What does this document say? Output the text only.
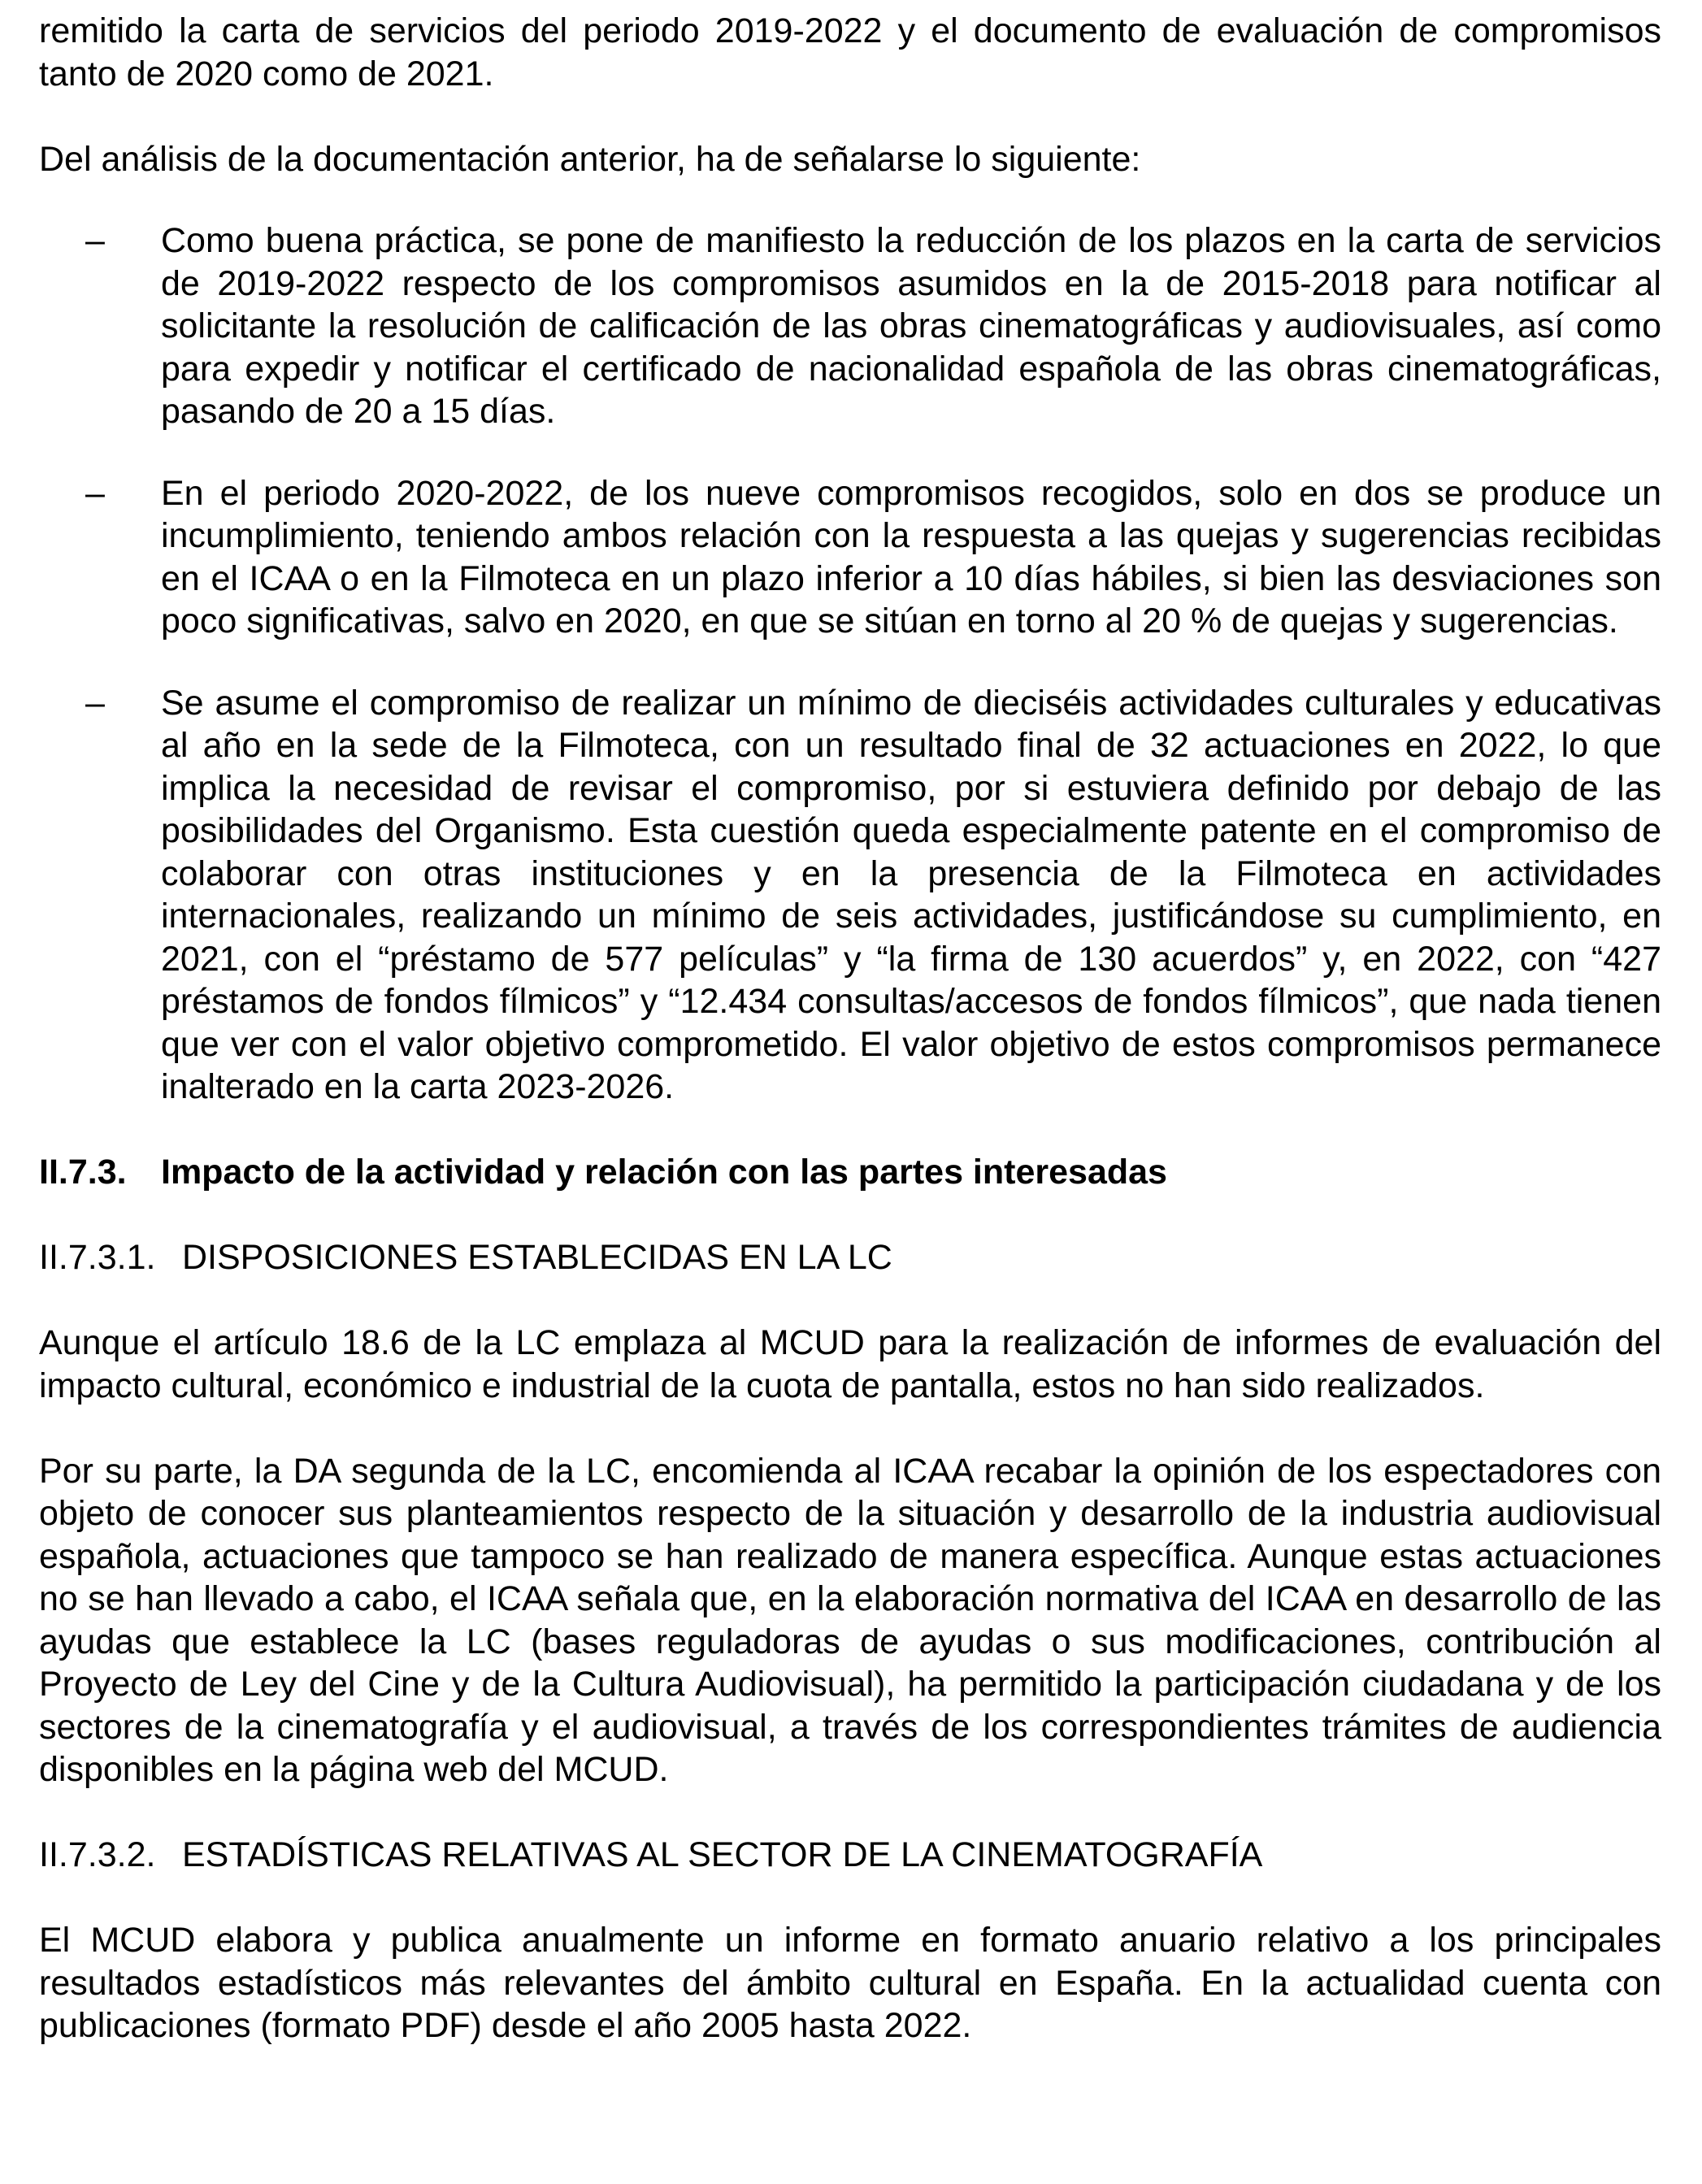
remitido la carta de servicios del periodo 2019-2022 y el documento de evaluación de compromisos tanto de 2020 como de 2021.

Del análisis de la documentación anterior, ha de señalarse lo siguiente:

–	Como buena práctica, se pone de manifiesto la reducción de los plazos en la carta de servicios de 2019-2022 respecto de los compromisos asumidos en la de 2015-2018 para notificar al solicitante la resolución de calificación de las obras cinematográficas y audiovisuales, así como para expedir y notificar el certificado de nacionalidad española de las obras cinematográficas, pasando de 20 a 15 días.
–	En el periodo 2020-2022, de los nueve compromisos recogidos, solo en dos se produce un incumplimiento, teniendo ambos relación con la respuesta a las quejas y sugerencias recibidas en el ICAA o en la Filmoteca en un plazo inferior a 10 días hábiles, si bien las desviaciones son poco significativas, salvo en 2020, en que se sitúan en torno al 20 % de quejas y sugerencias.
–	Se asume el compromiso de realizar un mínimo de dieciséis actividades culturales y educativas al año en la sede de la Filmoteca, con un resultado final de 32 actuaciones en 2022, lo que implica la necesidad de revisar el compromiso, por si estuviera definido por debajo de las posibilidades del Organismo. Esta cuestión queda especialmente patente en el compromiso de colaborar con otras instituciones y en la presencia de la Filmoteca en actividades internacionales, realizando un mínimo de seis actividades, justificándose su cumplimiento, en 2021, con el “préstamo de 577 películas” y “la firma de 130 acuerdos” y, en 2022, con “427 préstamos de fondos fílmicos” y “12.434 consultas/accesos de fondos fílmicos”, que nada tienen que ver con el valor objetivo comprometido. El valor objetivo de estos compromisos permanece inalterado en la carta 2023-2026.
II.7.3. Impacto de la actividad y relación con las partes interesadas
II.7.3.1. DISPOSICIONES ESTABLECIDAS EN LA LC

Aunque el artículo 18.6 de la LC emplaza al MCUD para la realización de informes de evaluación del impacto cultural, económico e industrial de la cuota de pantalla, estos no han sido realizados.

Por su parte, la DA segunda de la LC, encomienda al ICAA recabar la opinión de los espectadores con objeto de conocer sus planteamientos respecto de la situación y desarrollo de la industria audiovisual española, actuaciones que tampoco se han realizado de manera específica. Aunque estas actuaciones no se han llevado a cabo, el ICAA señala que, en la elaboración normativa del ICAA en desarrollo de las ayudas que establece la LC (bases reguladoras de ayudas o sus modificaciones, contribución al Proyecto de Ley del Cine y de la Cultura Audiovisual), ha permitido la participación ciudadana y de los sectores de la cinematografía y el audiovisual, a través de los correspondientes trámites de audiencia disponibles en la página web del MCUD.

II.7.3.2. ESTADÍSTICAS RELATIVAS AL SECTOR DE LA CINEMATOGRAFÍA

El MCUD elabora y publica anualmente un informe en formato anuario relativo a los principales resultados estadísticos más relevantes del ámbito cultural en España. En la actualidad cuenta con publicaciones (formato PDF) desde el año 2005 hasta 2022.
